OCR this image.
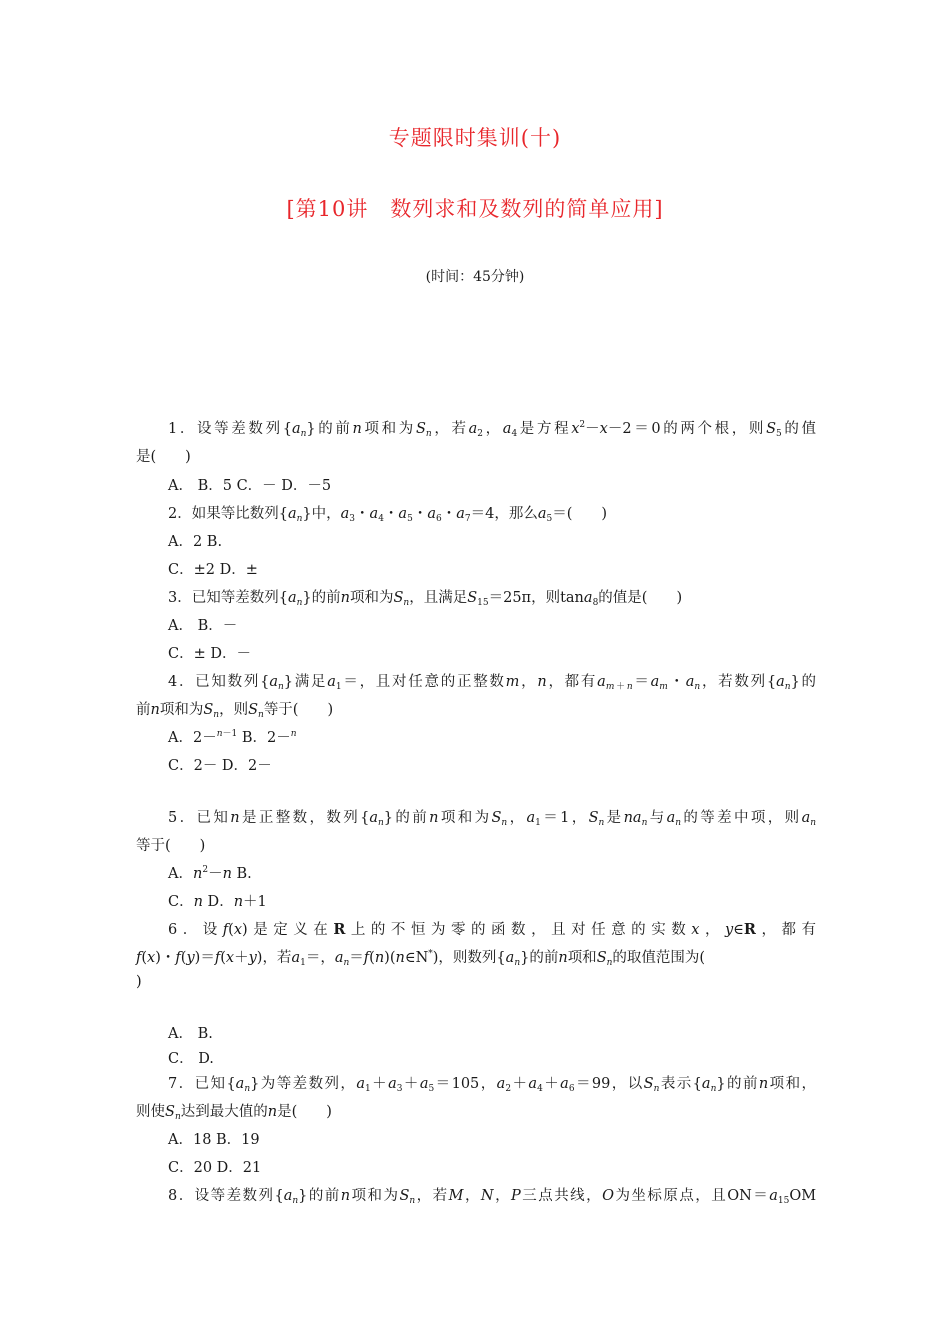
专题限时集训(十)
[第10讲　数列求和及数列的简单应用]
(时间：45分钟)
1．设等差数列$\{a_n\}$的前n项和为$S_n$，若$a_2$，$a_4$是方程$x^2-x-2=0$的两个根，则$S_5$的值
是(　　)
A． B．5 C．－ D．－5
2．如果等比数列$\{a_n\}$中，$a_3$・$a_4$・$a_5$・$a_6$・$a_7=4$，那么$a_5=$(　　)
A．2 B.
C．±2 D．±
3．已知等差数列$\{a_n\}$的前n项和为$S_n$，且满足$S_{15}=25\pi$，则tana$_8$的值是(　　)
A． B．－
C．± D．－
4．已知数列$\{a_n\}$满足$a_1=$，且对任意的正整数m，n，都有$a_{m+n}=a_m$・$a_n$，若数列$\{a_n\}$的
前n项和为$S_n$，则$S_n$等于(　　)
A．2－$^{n-1}$ B．2－$^n$
C．2－ D．2－
5．已知n是正整数，数列$\{a_n\}$的前n项和为$S_n$，$a_1=1$，$S_n$是$na_n$与$a_n$的等差中项，则$a_n$
等于(　　)
A．$n^2-n$ B.
C．n D．n＋1
6．设f(x)是定义在R上的不恒为零的函数，且对任意的实数x，y∈R，都有
f(x)・f(y)＝f(x＋y)，若$a_1=$，$a_n=f(n)(n\in N^*)$，则数列$\{a_n\}$的前n项和$S_n$的取值范围为(
)
A． B.
C． D.
7．已知$\{a_n\}$为等差数列，$a_1+a_3+a_5=105$，$a_2+a_4+a_6=99$，以$S_n$表示$\{a_n\}$的前n项和，
则使$S_n$达到最大值的n是(　　)
A．18 B．19
C．20 D．21
8．设等差数列$\{a_n\}$的前n项和为$S_n$，若M，N，P三点共线，O为坐标原点，且$ON=a_{15}OM$
